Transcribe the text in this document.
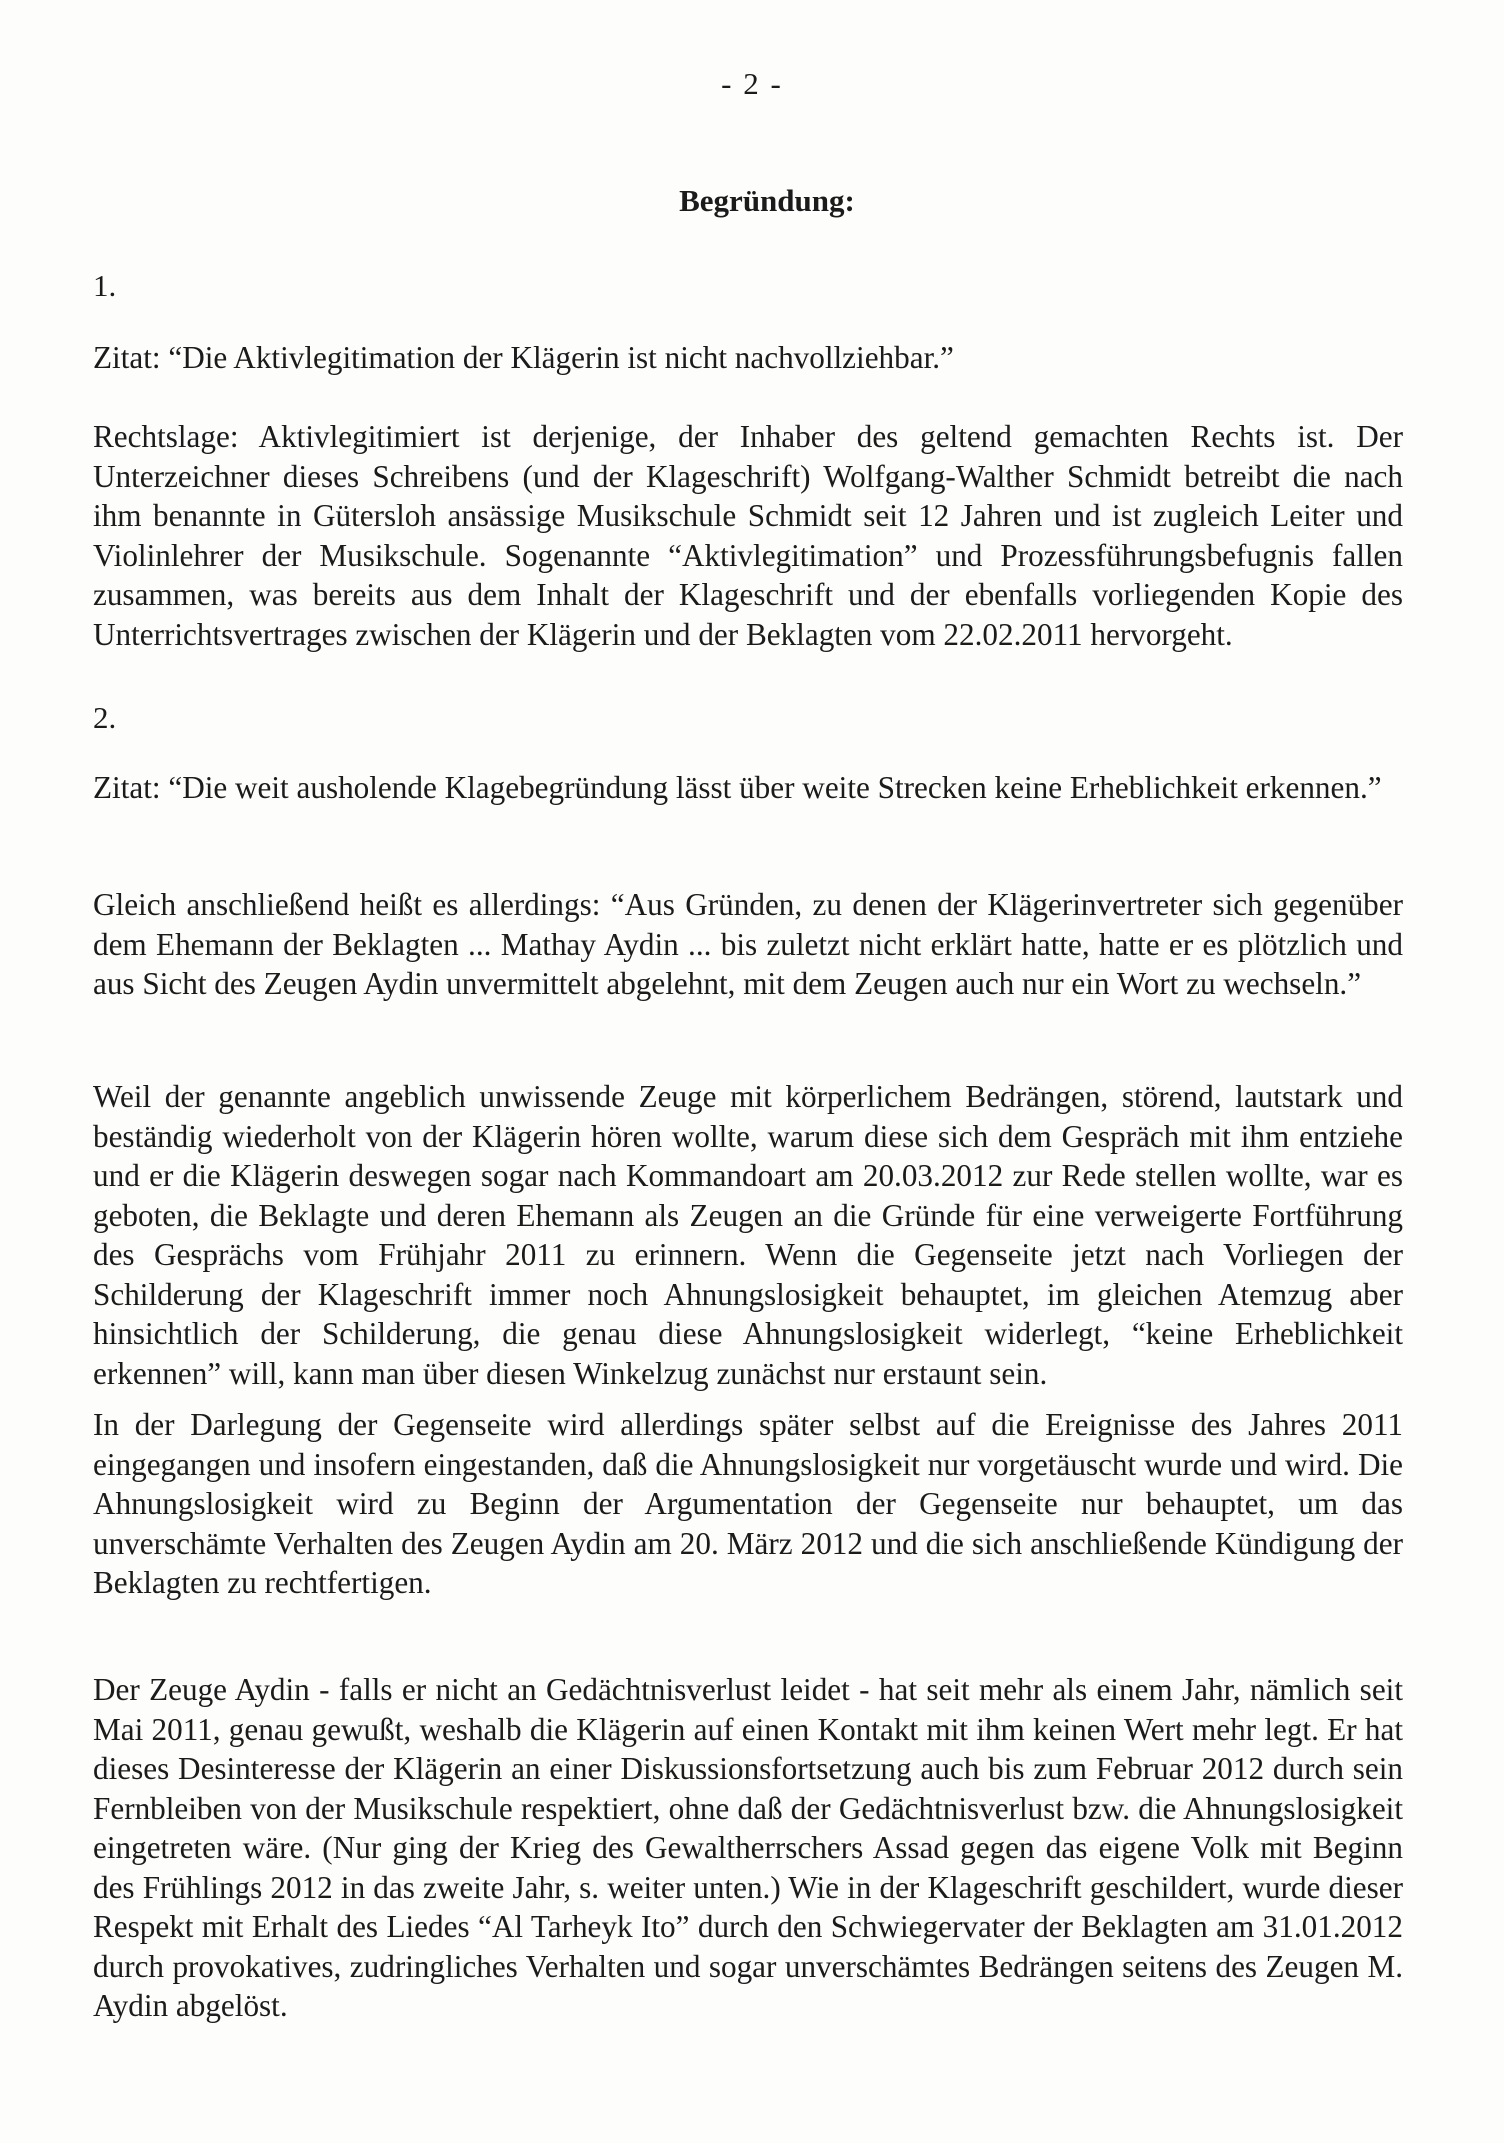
- 2 -
Begründung:
1.

Zitat: “Die Aktivlegitimation der Klägerin ist nicht nachvollziehbar.”

Rechtslage: Aktivlegitimiert ist derjenige, der Inhaber des geltend gemachten Rechts ist. Der Unterzeichner dieses Schreibens (und der Klageschrift) Wolfgang-Walther Schmidt betreibt die nach ihm benannte in Gütersloh ansässige Musikschule Schmidt seit 12 Jahren und ist zugleich Leiter und Violinlehrer der Musikschule. Sogenannte “Aktivlegitimation” und Prozessführungsbefugnis fallen zusammen, was bereits aus dem Inhalt der Klageschrift und der ebenfalls vorliegenden Kopie des Unterrichtsvertrages zwischen der Klägerin und der Beklagten vom 22.02.2011 hervorgeht.

2.

Zitat: “Die weit ausholende Klagebegründung lässt über weite Strecken keine Erheblichkeit erkennen.”

Gleich anschließend heißt es allerdings: “Aus Gründen, zu denen der Klägerinvertreter sich gegenüber dem Ehemann der Beklagten ... Mathay Aydin ... bis zuletzt nicht erklärt hatte, hatte er es plötzlich und aus Sicht des Zeugen Aydin unvermittelt abgelehnt, mit dem Zeugen auch nur ein Wort zu wechseln.”

Weil der genannte angeblich unwissende Zeuge mit körperlichem Bedrängen, störend, lautstark und beständig wiederholt von der Klägerin hören wollte, warum diese sich dem Gespräch mit ihm entziehe und er die Klägerin deswegen sogar nach Kommandoart am 20.03.2012 zur Rede stellen wollte, war es geboten, die Beklagte und deren Ehemann als Zeugen an die Gründe für eine verweigerte Fortführung des Gesprächs vom Frühjahr 2011 zu erinnern. Wenn die Gegenseite jetzt nach Vorliegen der Schilderung der Klageschrift immer noch Ahnungslosigkeit behauptet, im gleichen Atemzug aber hinsichtlich der Schilderung, die genau diese Ahnungslosigkeit widerlegt, “keine Erheblichkeit erkennen” will, kann man über diesen Winkelzug zunächst nur erstaunt sein.

In der Darlegung der Gegenseite wird allerdings später selbst auf die Ereignisse des Jahres 2011 eingegangen und insofern eingestanden, daß die Ahnungslosigkeit nur vorgetäuscht wurde und wird. Die Ahnungslosigkeit wird zu Beginn der Argumentation der Gegenseite nur behauptet, um das unverschämte Verhalten des Zeugen Aydin am 20. März 2012 und die sich anschließende Kündigung der Beklagten zu rechtfertigen.

Der Zeuge Aydin - falls er nicht an Gedächtnisverlust leidet - hat seit mehr als einem Jahr, nämlich seit Mai 2011, genau gewußt, weshalb die Klägerin auf einen Kontakt mit ihm keinen Wert mehr legt. Er hat dieses Desinteresse der Klägerin an einer Diskussionsfortsetzung auch bis zum Februar 2012 durch sein Fernbleiben von der Musikschule respektiert, ohne daß der Gedächtnisverlust bzw. die Ahnungslosigkeit eingetreten wäre. (Nur ging der Krieg des Gewaltherrschers Assad gegen das eigene Volk mit Beginn des Frühlings 2012 in das zweite Jahr, s. weiter unten.) Wie in der Klageschrift geschildert, wurde dieser Respekt mit Erhalt des Liedes “Al Tarheyk Ito” durch den Schwiegervater der Beklagten am 31.01.2012 durch provokatives, zudringliches Verhalten und sogar unverschämtes Bedrängen seitens des Zeugen M. Aydin abgelöst.
